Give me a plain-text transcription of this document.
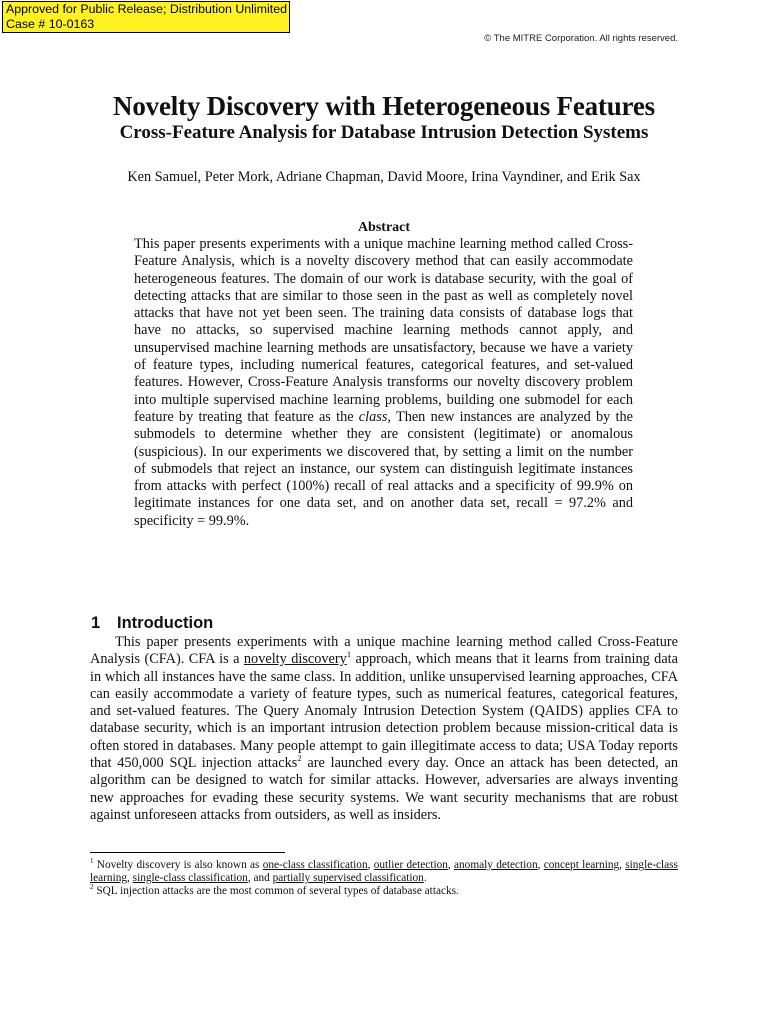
Approved for Public Release; Distribution Unlimited
Case # 10-0163
© The MITRE Corporation. All rights reserved.
Novelty Discovery with Heterogeneous Features
Cross-Feature Analysis for Database Intrusion Detection Systems
Ken Samuel, Peter Mork, Adriane Chapman, David Moore, Irina Vayndiner, and Erik Sax
Abstract
This paper presents experiments with a unique machine learning method called Cross-Feature Analysis, which is a novelty discovery method that can easily accommodate heterogeneous features. The domain of our work is database security, with the goal of detecting attacks that are similar to those seen in the past as well as completely novel attacks that have not yet been seen. The training data consists of database logs that have no attacks, so supervised machine learning methods cannot apply, and unsupervised machine learning methods are unsatisfactory, because we have a variety of feature types, including numerical features, categorical features, and set-valued features. However, Cross-Feature Analysis transforms our novelty discovery problem into multiple supervised machine learning problems, building one submodel for each feature by treating that feature as the class, Then new instances are analyzed by the submodels to determine whether they are consistent (legitimate) or anomalous (suspicious). In our experiments we discovered that, by setting a limit on the number of submodels that reject an instance, our system can distinguish legitimate instances from attacks with perfect (100%) recall of real attacks and a specificity of 99.9% on legitimate instances for one data set, and on another data set, recall = 97.2% and specificity = 99.9%.
1 Introduction
This paper presents experiments with a unique machine learning method called Cross-Feature Analysis (CFA). CFA is a novelty discovery$^1$ approach, which means that it learns from training data in which all instances have the same class. In addition, unlike unsupervised learning approaches, CFA can easily accommodate a variety of feature types, such as numerical features, categorical features, and set-valued features. The Query Anomaly Intrusion Detection System (QAIDS) applies CFA to database security, which is an important intrusion detection problem because mission-critical data is often stored in databases. Many people attempt to gain illegitimate access to data; USA Today reports that 450,000 SQL injection attacks$^2$ are launched every day. Once an attack has been detected, an algorithm can be designed to watch for similar attacks. However, adversaries are always inventing new approaches for evading these security systems. We want security mechanisms that are robust against unforeseen attacks from outsiders, as well as insiders.
$^1$ Novelty discovery is also known as one-class classification, outlier detection, anomaly detection, concept learning, single-class learning, single-class classification, and partially supervised classification.
$^2$ SQL injection attacks are the most common of several types of database attacks.
